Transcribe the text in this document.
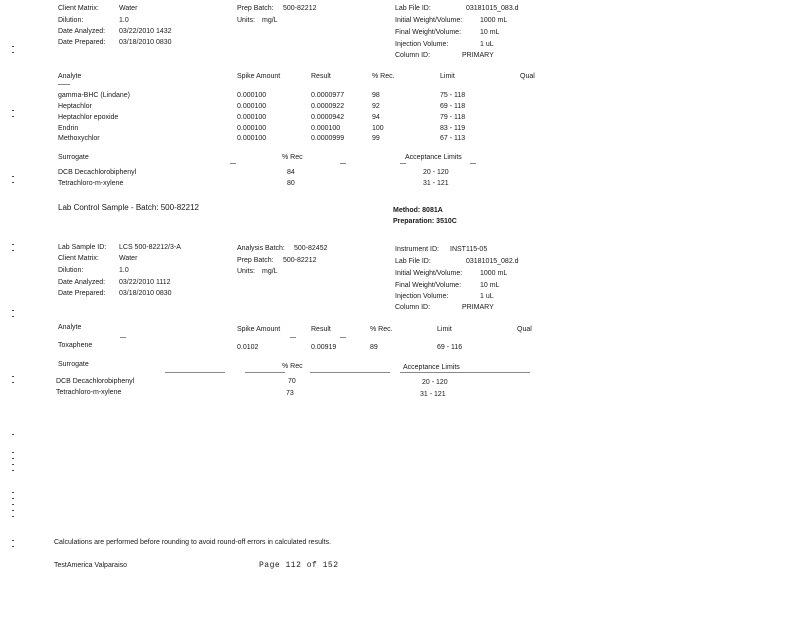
Client Matrix:	Water
Dilution:	1.0
Date Analyzed: 03/22/2010 1432
Date Prepared: 03/18/2010 0830
Prep Batch: 500-82212
Units: mg/L
Lab File ID:	03181015_083.d
Initial Weight/Volume:	1000 mL
Final Weight/Volume:	10 mL
Injection Volume:	1 uL
Column ID:	PRIMARY
Analyte	Spike Amount	Result	% Rec.	Limit	Qual
gamma-BHC (Lindane)	0.000100	0.0000977	98	75 - 118
Heptachlor	0.000100	0.0000922	92	69 - 118
Heptachlor epoxide	0.000100	0.0000942	94	79 - 118
Endrin	0.000100	0.000100	100	83 - 119
Methoxychlor	0.000100	0.0000999	99	67 - 113
Surrogate	% Rec	Acceptance Limits
DCB Decachlorobiphenyl	84	20 - 120
Tetrachloro-m-xylene	80	31 - 121
Lab Control Sample - Batch: 500-82212	Method: 8081A
Preparation: 3510C
Lab Sample ID: LCS 500-82212/3-A
Client Matrix:	Water
Dilution:	1.0
Date Analyzed: 03/22/2010 1112
Date Prepared: 03/18/2010 0830
Analysis Batch: 500-82452
Prep Batch: 500-82212
Units: mg/L
Instrument ID: INST115-05
Lab File ID:	03181015_082.d
Initial Weight/Volume:	1000 mL
Final Weight/Volume:	10 mL
Injection Volume:	1 uL
Column ID:	PRIMARY
Analyte	Spike Amount	Result	% Rec.	Limit	Qual
Toxaphene	0.0102	0.00919	89	69 - 116
Surrogate	% Rec	Acceptance Limits
DCB Decachlorobiphenyl	70	20 - 120
Tetrachloro-m-xylene	73	31 - 121
Calculations are performed before rounding to avoid round-off errors in calculated results.
TestAmerica Valparaiso	Page 112 of 152
